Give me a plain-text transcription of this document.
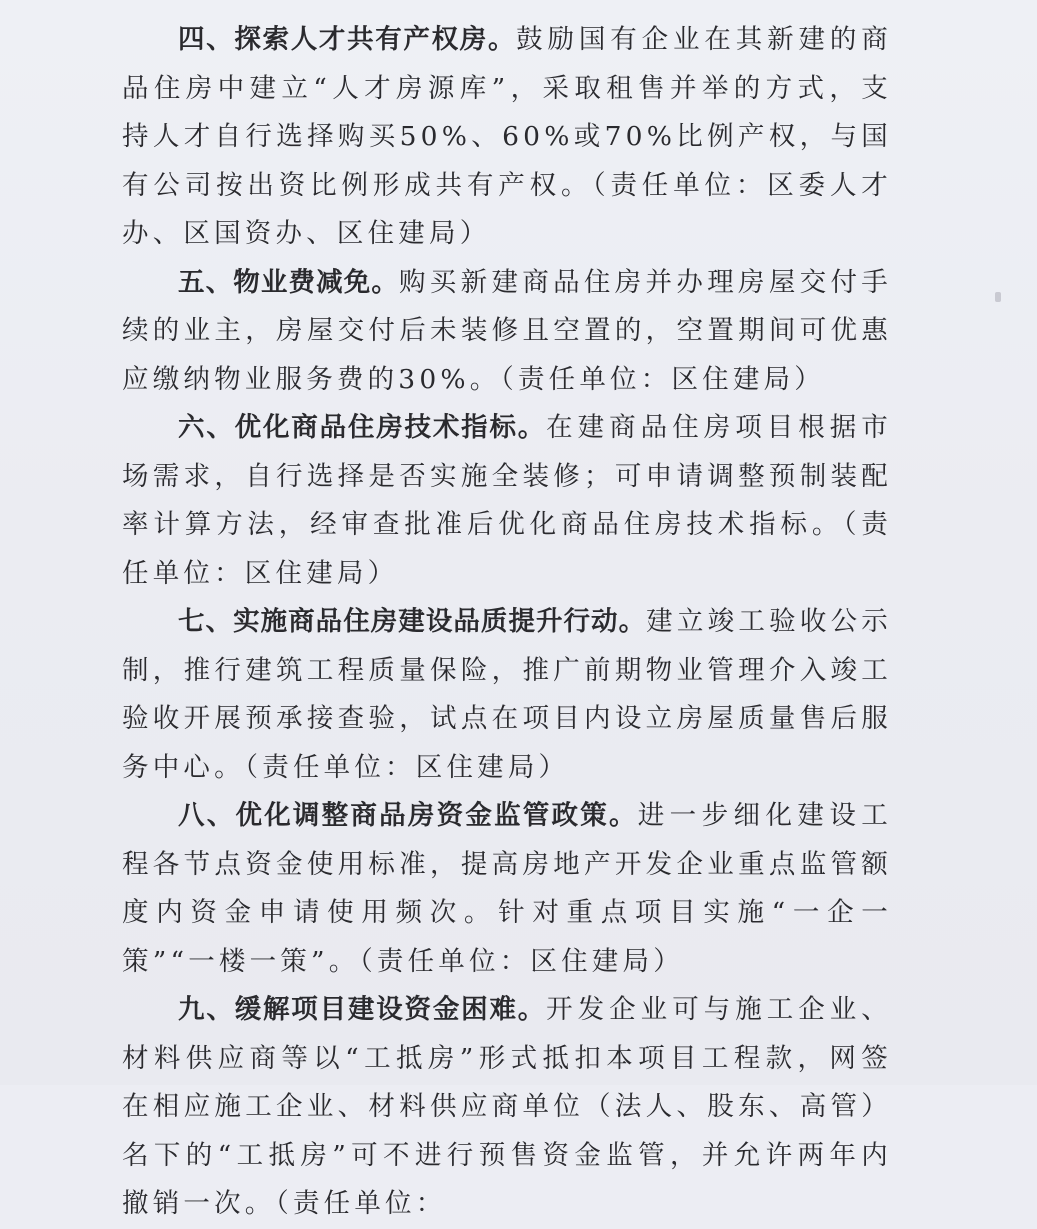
四、探索人才共有产权房。鼓励国有企业在其新建的商品住房中建立“人才房源库”，采取租售并举的方式，支持人才自行选择购买50%、60%或70%比例产权，与国有公司按出资比例形成共有产权。（责任单位：区委人才办、区国资办、区住建局）

五、物业费减免。购买新建商品住房并办理房屋交付手续的业主，房屋交付后未装修且空置的，空置期间可优惠应缴纳物业服务费的30%。（责任单位：区住建局）

六、优化商品住房技术指标。在建商品住房项目根据市场需求，自行选择是否实施全装修；可申请调整预制装配率计算方法，经审查批准后优化商品住房技术指标。（责任单位：区住建局）

七、实施商品住房建设品质提升行动。建立竣工验收公示制，推行建筑工程质量保险，推广前期物业管理介入竣工验收开展预承接查验，试点在项目内设立房屋质量售后服务中心。（责任单位：区住建局）

八、优化调整商品房资金监管政策。进一步细化建设工程各节点资金使用标准，提高房地产开发企业重点监管额度内资金申请使用频次。针对重点项目实施“一企一策”“一楼一策”。（责任单位：区住建局）

九、缓解项目建设资金困难。开发企业可与施工企业、材料供应商等以“工抵房”形式抵扣本项目工程款，网签在相应施工企业、材料供应商单位（法人、股东、高管）名下的“工抵房”可不进行预售资金监管，并允许两年内撤销一次。（责任单位：
